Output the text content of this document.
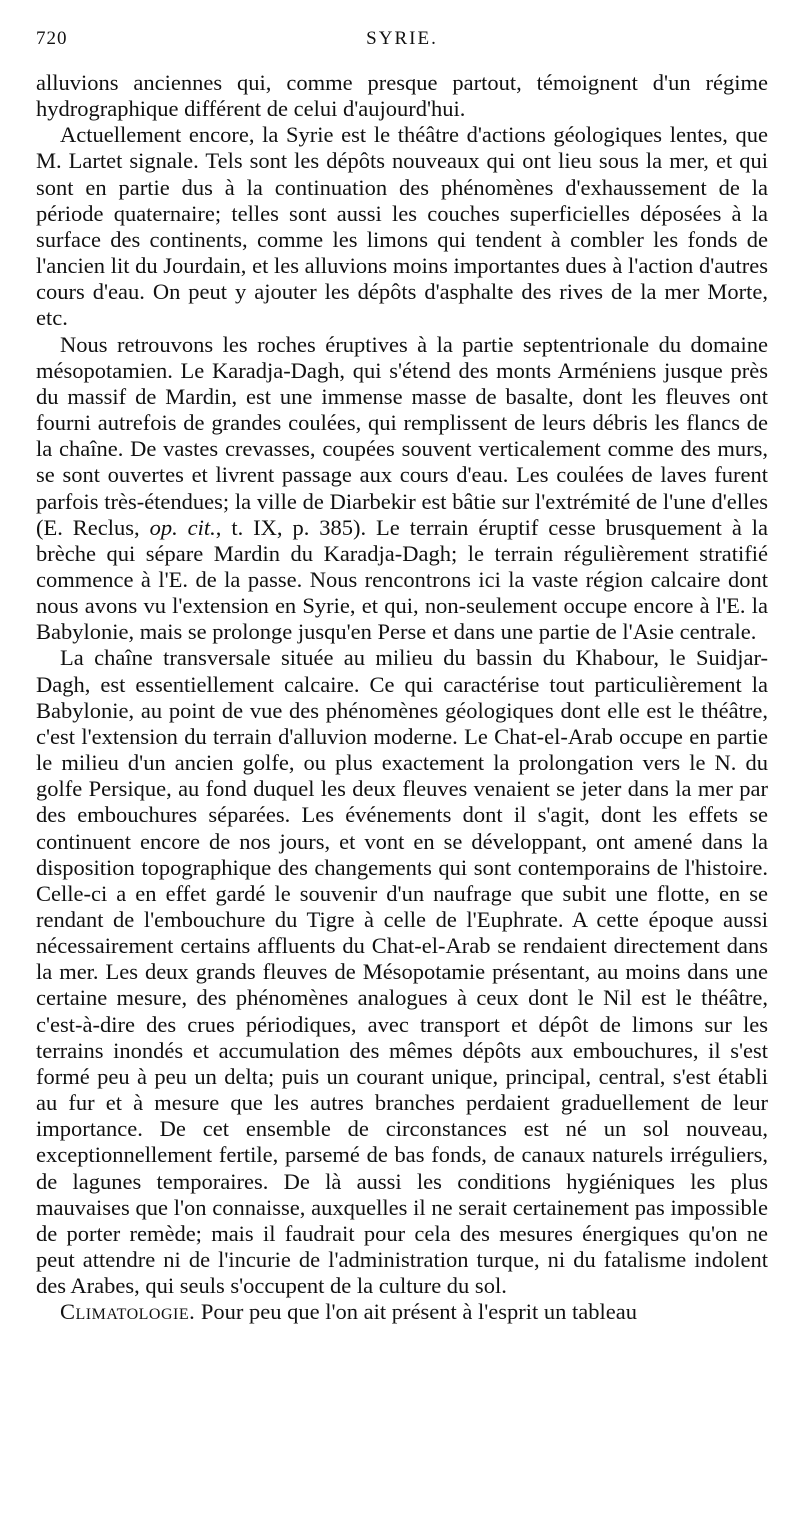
720	SYRIE.

alluvions anciennes qui, comme presque partout, témoignent d'un régime hydrographique différent de celui d'aujourd'hui.

Actuellement encore, la Syrie est le théâtre d'actions géologiques lentes, que M. Lartet signale. Tels sont les dépôts nouveaux qui ont lieu sous la mer, et qui sont en partie dus à la continuation des phénomènes d'exhaussement de la période quaternaire; telles sont aussi les couches superficielles déposées à la surface des continents, comme les limons qui tendent à combler les fonds de l'ancien lit du Jourdain, et les alluvions moins importantes dues à l'action d'autres cours d'eau. On peut y ajouter les dépôts d'asphalte des rives de la mer Morte, etc.

Nous retrouvons les roches éruptives à la partie septentrionale du domaine mésopotamien. Le Karadja-Dagh, qui s'étend des monts Arméniens jusque près du massif de Mardin, est une immense masse de basalte, dont les fleuves ont fourni autrefois de grandes coulées, qui remplissent de leurs débris les flancs de la chaîne. De vastes crevasses, coupées souvent verticalement comme des murs, se sont ouvertes et livrent passage aux cours d'eau. Les coulées de laves furent parfois très-étendues; la ville de Diarbekir est bâtie sur l'extrémité de l'une d'elles (E. Reclus, op. cit., t. IX, p. 385). Le terrain éruptif cesse brusquement à la brèche qui sépare Mardin du Karadja-Dagh; le terrain régulièrement stratifié commence à l'E. de la passe. Nous rencontrons ici la vaste région calcaire dont nous avons vu l'extension en Syrie, et qui, non-seulement occupe encore à l'E. la Babylonie, mais se prolonge jusqu'en Perse et dans une partie de l'Asie centrale.

La chaîne transversale située au milieu du bassin du Khabour, le Suidjar-Dagh, est essentiellement calcaire. Ce qui caractérise tout particulièrement la Babylonie, au point de vue des phénomènes géologiques dont elle est le théâtre, c'est l'extension du terrain d'alluvion moderne. Le Chat-el-Arab occupe en partie le milieu d'un ancien golfe, ou plus exactement la prolongation vers le N. du golfe Persique, au fond duquel les deux fleuves venaient se jeter dans la mer par des embouchures séparées. Les événements dont il s'agit, dont les effets se continuent encore de nos jours, et vont en se développant, ont amené dans la disposition topographique des changements qui sont contemporains de l'histoire. Celle-ci a en effet gardé le souvenir d'un naufrage que subit une flotte, en se rendant de l'embouchure du Tigre à celle de l'Euphrate. A cette époque aussi nécessairement certains affluents du Chat-el-Arab se rendaient directement dans la mer. Les deux grands fleuves de Mésopotamie présentant, au moins dans une certaine mesure, des phénomènes analogues à ceux dont le Nil est le théâtre, c'est-à-dire des crues périodiques, avec transport et dépôt de limons sur les terrains inondés et accumulation des mêmes dépôts aux embouchures, il s'est formé peu à peu un delta; puis un courant unique, principal, central, s'est établi au fur et à mesure que les autres branches perdaient graduellement de leur importance. De cet ensemble de circonstances est né un sol nouveau, exceptionnellement fertile, parsemé de bas fonds, de canaux naturels irréguliers, de lagunes temporaires. De là aussi les conditions hygiéniques les plus mauvaises que l'on connaisse, auxquelles il ne serait certainement pas impossible de porter remède; mais il faudrait pour cela des mesures énergiques qu'on ne peut attendre ni de l'incurie de l'administration turque, ni du fatalisme indolent des Arabes, qui seuls s'occupent de la culture du sol.

Climatologie. Pour peu que l'on ait présent à l'esprit un tableau
